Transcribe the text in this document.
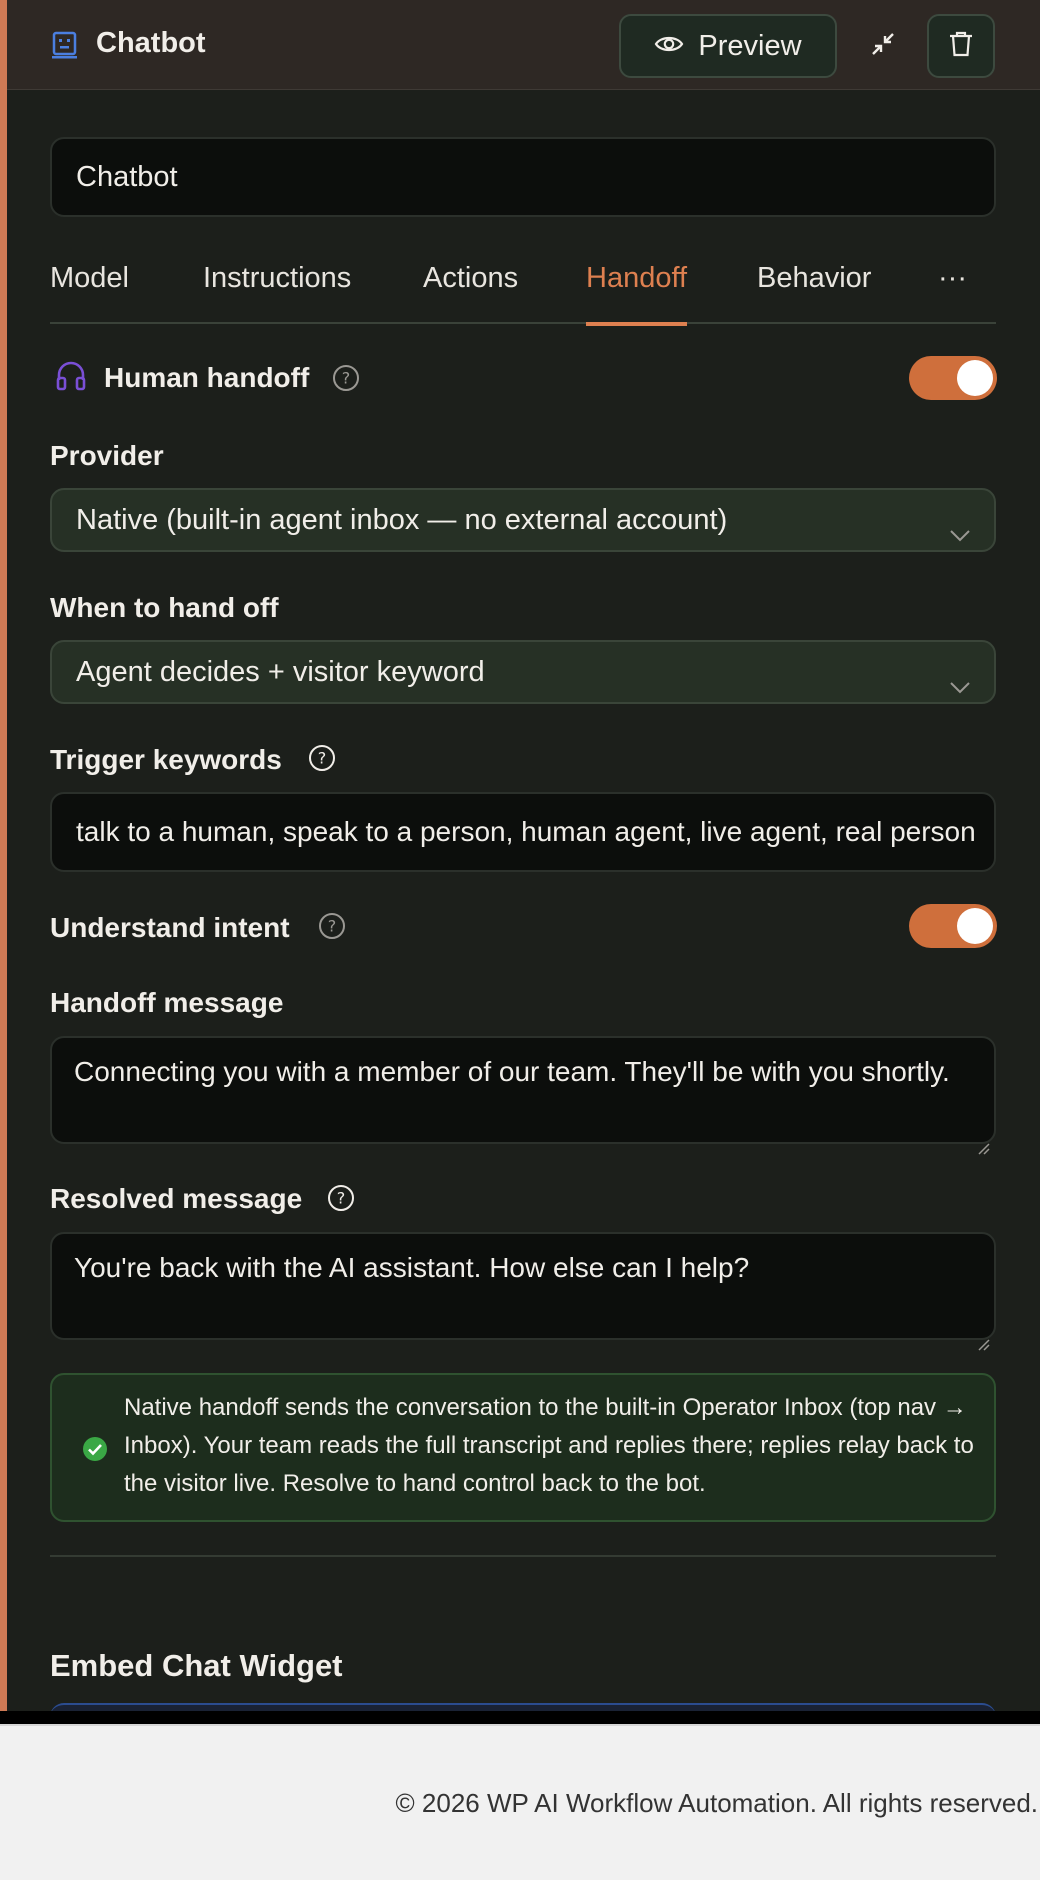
Chatbot	Preview
Chatbot
Model	Instructions Actions Handoff Behavior ···
Human handoff ?
Provider
Native (built-in agent inbox — no external account)
When to hand off
Agent decides + visitor keyword
Trigger keywords ?
talk to a human, speak to a person, human agent, live agent, real person
Understand intent ?
Handoff message
Connecting you with a member of our team. They'll be with you shortly.
Resolved message ?
You're back with the AI assistant. How else can I help?
Native handoff sends the conversation to the built-in Operator Inbox (top nav → Inbox). Your team reads the full transcript and replies there; replies relay back to the visitor live. Resolve to hand control back to the bot.
Embed Chat Widget
© 2026 WP AI Workflow Automation. All rights reserved.
